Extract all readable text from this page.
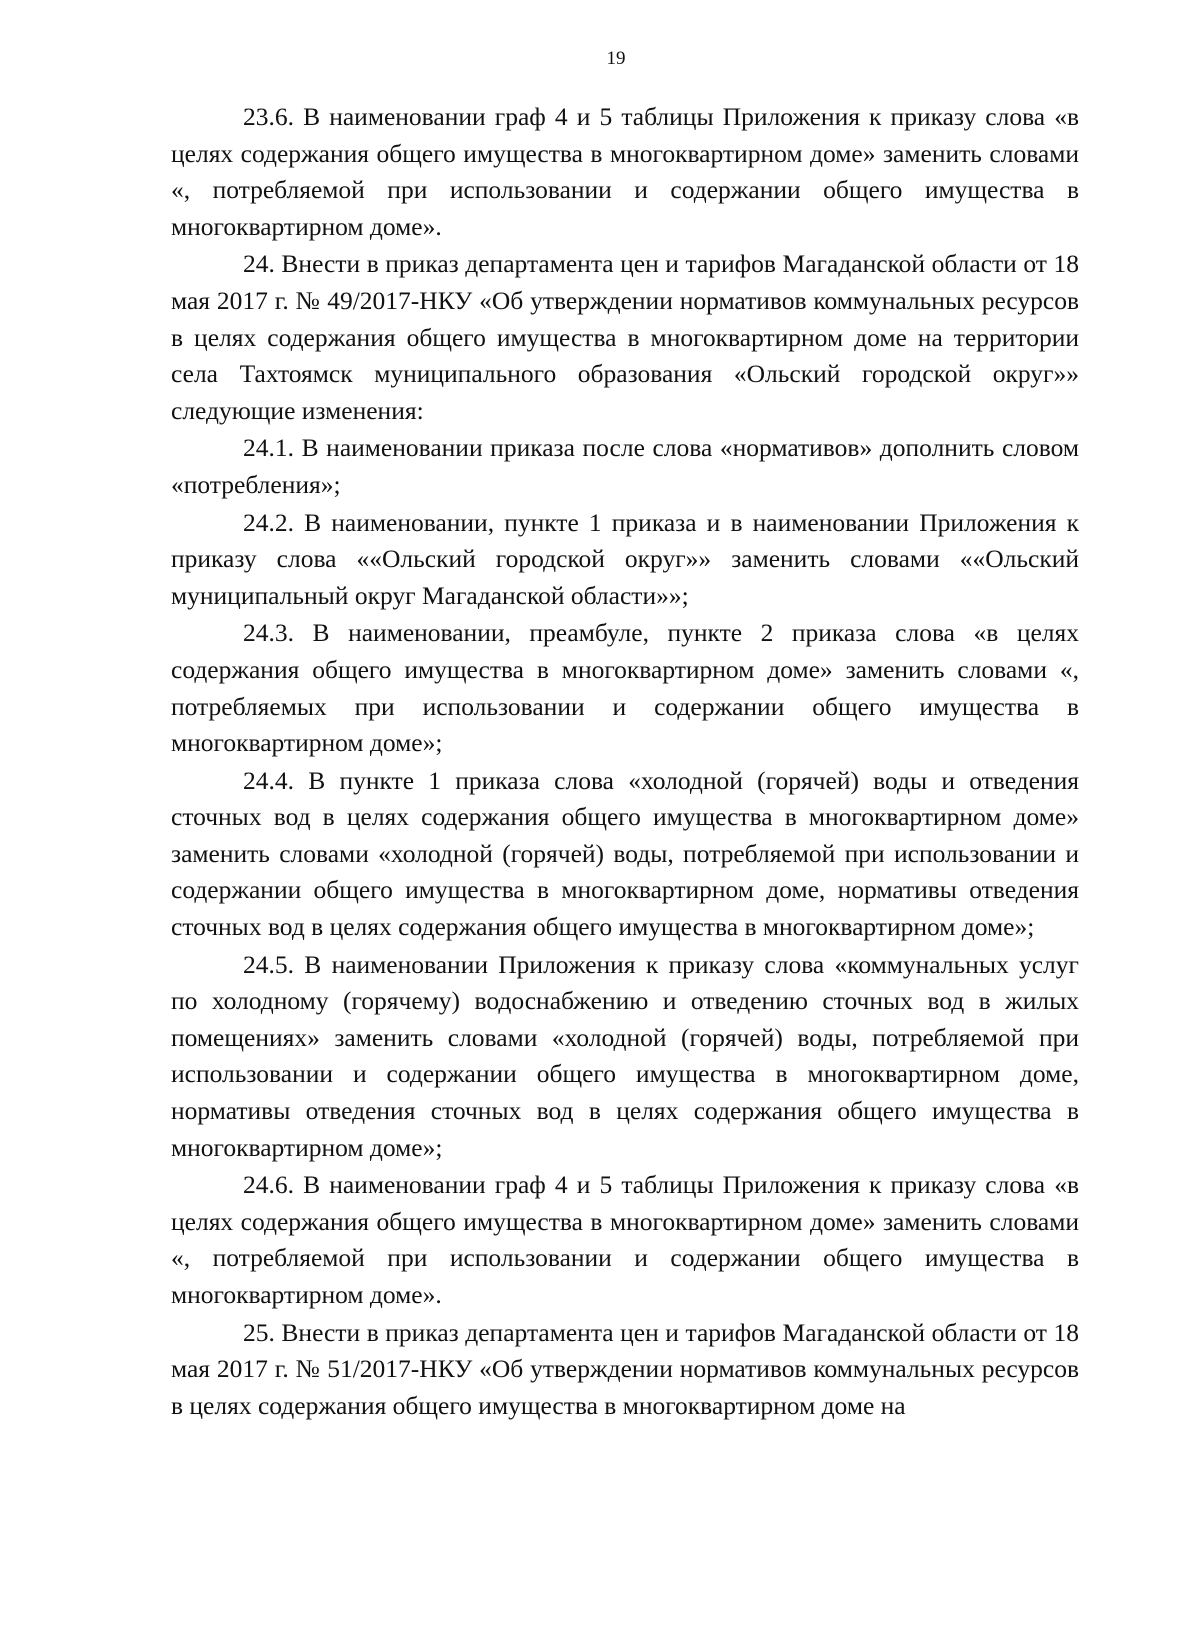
19

23.6. В наименовании граф 4 и 5 таблицы Приложения к приказу слова «в целях содержания общего имущества в многоквартирном доме» заменить словами «, потребляемой при использовании и содержании общего имущества в многоквартирном доме».

24. Внести в приказ департамента цен и тарифов Магаданской области от 18 мая 2017 г. № 49/2017-НКУ «Об утверждении нормативов коммунальных ресурсов в целях содержания общего имущества в многоквартирном доме на территории села Тахтоямск муниципального образования «Ольский городской округ»» следующие изменения:

24.1. В наименовании приказа после слова «нормативов» дополнить словом «потребления»;

24.2. В наименовании, пункте 1 приказа и в наименовании Приложения к приказу слова ««Ольский городской округ»» заменить словами ««Ольский муниципальный округ Магаданской области»»;

24.3. В наименовании, преамбуле, пункте 2 приказа слова «в целях содержания общего имущества в многоквартирном доме» заменить словами «, потребляемых при использовании и содержании общего имущества в многоквартирном доме»;

24.4. В пункте 1 приказа слова «холодной (горячей) воды и отведения сточных вод в целях содержания общего имущества в многоквартирном доме» заменить словами «холодной (горячей) воды, потребляемой при использовании и содержании общего имущества в многоквартирном доме, нормативы отведения сточных вод в целях содержания общего имущества в многоквартирном доме»;

24.5. В наименовании Приложения к приказу слова «коммунальных услуг по холодному (горячему) водоснабжению и отведению сточных вод в жилых помещениях» заменить словами «холодной (горячей) воды, потребляемой при использовании и содержании общего имущества в многоквартирном доме, нормативы отведения сточных вод в целях содержания общего имущества в многоквартирном доме»;

24.6. В наименовании граф 4 и 5 таблицы Приложения к приказу слова «в целях содержания общего имущества в многоквартирном доме» заменить словами «, потребляемой при использовании и содержании общего имущества в многоквартирном доме».

25. Внести в приказ департамента цен и тарифов Магаданской области от 18 мая 2017 г. № 51/2017-НКУ «Об утверждении нормативов коммунальных ресурсов в целях содержания общего имущества в многоквартирном доме на
